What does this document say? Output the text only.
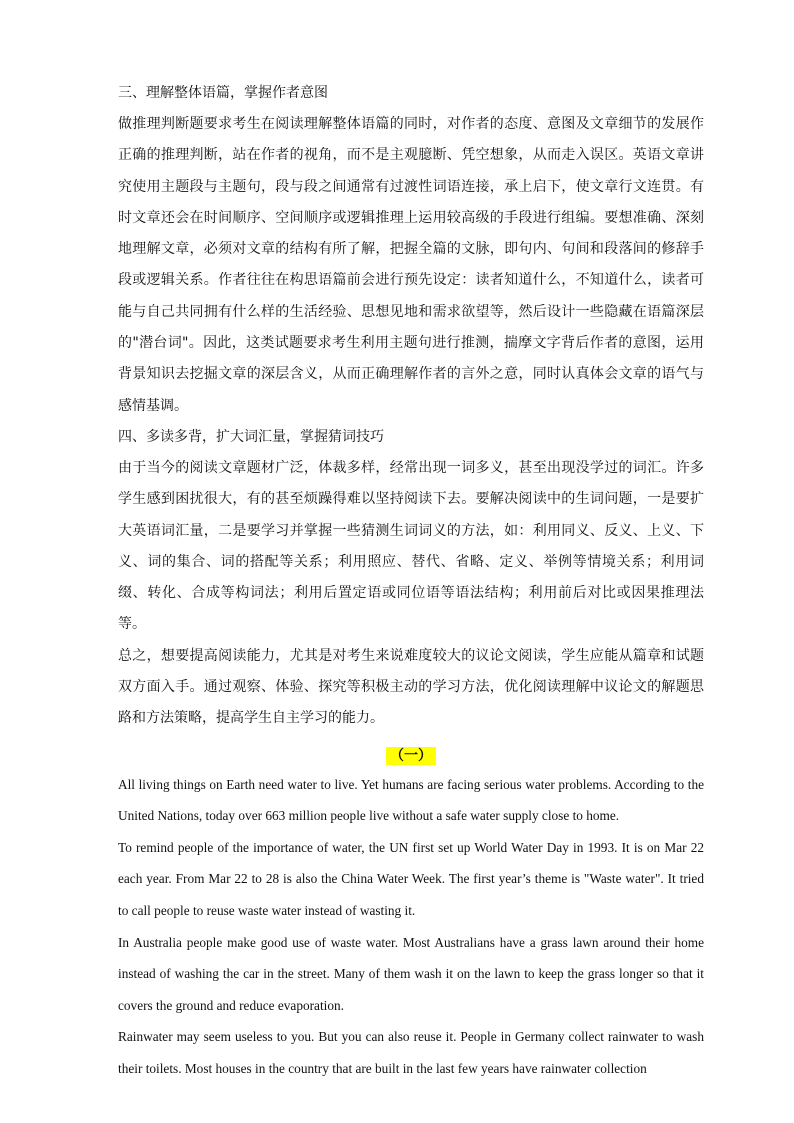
三、理解整体语篇，掌握作者意图

做推理判断题要求考生在阅读理解整体语篇的同时，对作者的态度、意图及文章细节的发展作正确的推理判断，站在作者的视角，而不是主观臆断、凭空想象，从而走入误区。英语文章讲究使用主题段与主题句，段与段之间通常有过渡性词语连接，承上启下，使文章行文连贯。有时文章还会在时间顺序、空间顺序或逻辑推理上运用较高级的手段进行组编。要想准确、深刻地理解文章，必须对文章的结构有所了解，把握全篇的文脉，即句内、句间和段落间的修辞手段或逻辑关系。作者往往在构思语篇前会进行预先设定：读者知道什么，不知道什么，读者可能与自己共同拥有什么样的生活经验、思想见地和需求欲望等，然后设计一些隐藏在语篇深层的"潜台词"。因此，这类试题要求考生利用主题句进行推测，揣摩文字背后作者的意图，运用背景知识去挖掘文章的深层含义，从而正确理解作者的言外之意，同时认真体会文章的语气与感情基调。

四、多读多背，扩大词汇量，掌握猜词技巧

由于当今的阅读文章题材广泛，体裁多样，经常出现一词多义，甚至出现没学过的词汇。许多学生感到困扰很大，有的甚至烦躁得难以坚持阅读下去。要解决阅读中的生词问题，一是要扩大英语词汇量，二是要学习并掌握一些猜测生词词义的方法，如：利用同义、反义、上义、下义、词的集合、词的搭配等关系；利用照应、替代、省略、定义、举例等情境关系；利用词缀、转化、合成等构词法；利用后置定语或同位语等语法结构；利用前后对比或因果推理法等。

总之，想要提高阅读能力，尤其是对考生来说难度较大的议论文阅读，学生应能从篇章和试题双方面入手。通过观察、体验、探究等积极主动的学习方法，优化阅读理解中议论文的解题思路和方法策略，提高学生自主学习的能力。

（一）

All living things on Earth need water to live. Yet humans are facing serious water problems. According to the United Nations, today over 663 million people live without a safe water supply close to home.

To remind people of the importance of water, the UN first set up World Water Day in 1993. It is on Mar 22 each year. From Mar 22 to 28 is also the China Water Week. The first year’s theme is "Waste water". It tried to call people to reuse waste water instead of wasting it.

In Australia people make good use of waste water. Most Australians have a grass lawn around their home instead of washing the car in the street. Many of them wash it on the lawn to keep the grass longer so that it covers the ground and reduce evaporation.

Rainwater may seem useless to you. But you can also reuse it. People in Germany collect rainwater to wash their toilets. Most houses in the country that are built in the last few years have rainwater collection
